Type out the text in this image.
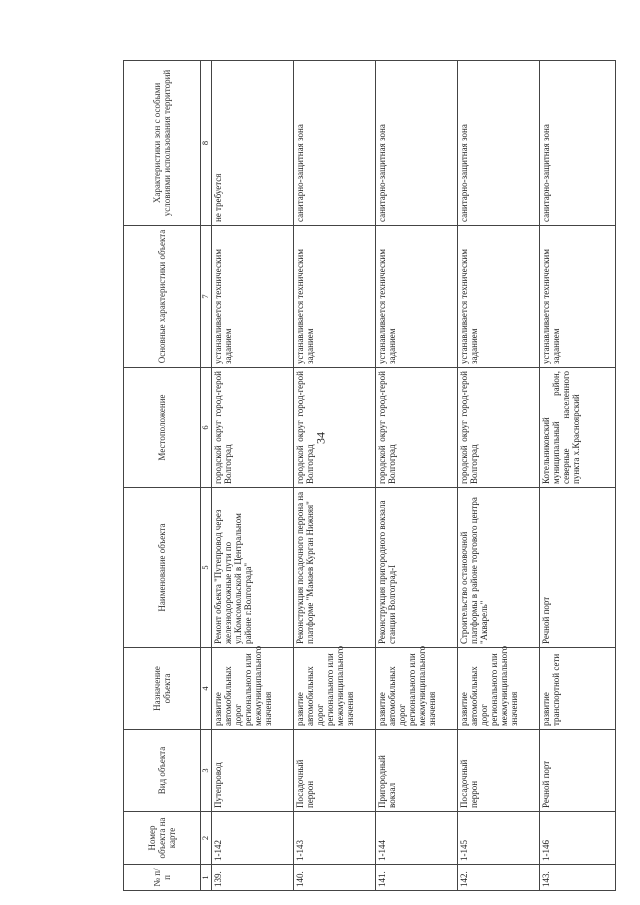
34
№ п/п	Номер объекта на карте	Вид объекта	Назначение объекта	Наименование объекта	Местоположение	Основные характеристики объекта	Характеристики зон с особыми условиями использования территорий
1	2	3	4	5	6	7	8
139.	1-142	Путепровод	развитие автомобильных дорог регионального или межмуниципального значения	Ремонт объекта "Путепровод через железнодорожные пути по ул.Комсомольской в Центральном районе г.Волгограда"	городской округ город-герой Волгоград	устанавливается техническим заданием	не требуется
140.	1-143	Посадочный перрон	развитие автомобильных дорог регионального или межмуниципального значения	Реконструкция посадочного перрона на платформе "Мамаев Курган Нижняя"	городской округ город-герой Волгоград	устанавливается техническим заданием	санитарно-защитная зона
141.	1-144	Пригородный вокзал	развитие автомобильных дорог регионального или межмуниципального значения	Реконструкция пригородного вокзала станции Волгоград-I	городской округ город-герой Волгоград	устанавливается техническим заданием	санитарно-защитная зона
142.	1-145	Посадочный перрон	развитие автомобильных дорог регионального или межмуниципального значения	Строительство остановочной платформы в районе торгового центра "Акварель"	городской округ город-герой Волгоград	устанавливается техническим заданием	санитарно-защитная зона
143.	1-146	Речной порт	развитие транспортной сети	Речной порт	Котельниковский муниципальный район, северные населенного пункта х.Красноярский	устанавливается техническим заданием	санитарно-защитная зона
